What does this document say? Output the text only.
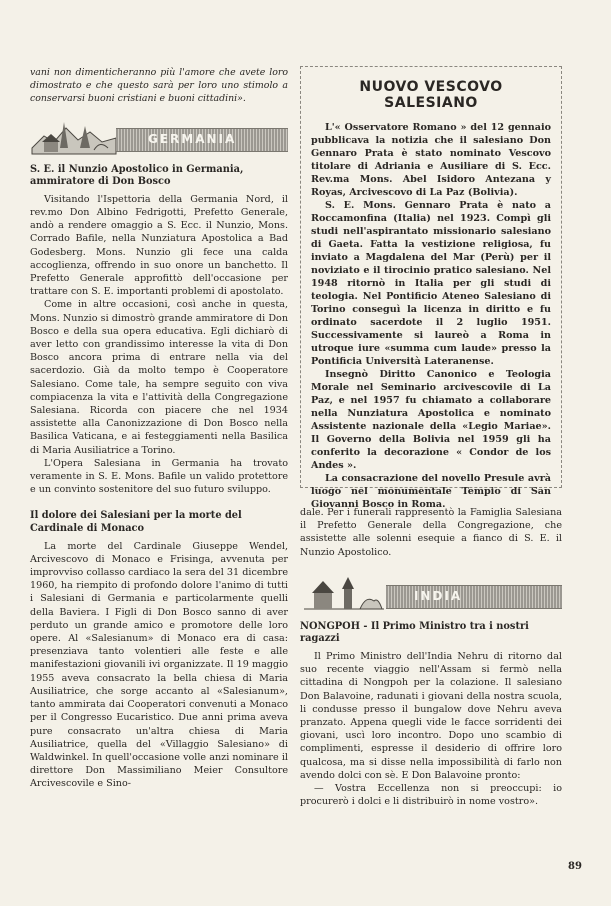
vani non dimenticheranno più l'amore che avete loro dimostrato e che questo sarà per loro uno stimolo a conservarsi buoni cristiani e buoni cittadini».

GERMANIA
S. E. il Nunzio Apostolico in Germania, ammiratore di Don Bosco

Visitando l'Ispettoria della Germania Nord, il rev.mo Don Albino Fedrigotti, Prefetto Generale, andò a rendere omaggio a S. Ecc. il Nunzio, Mons. Corrado Bafile, nella Nunziatura Apostolica a Bad Godesberg. Mons. Nunzio gli fece una calda accoglienza, offrendo in suo onore un banchetto. Il Prefetto Generale approfittò dell'occasione per trattare con S. E. importanti problemi di apostolato.

Come in altre occasioni, così anche in questa, Mons. Nunzio si dimostrò grande ammiratore di Don Bosco e della sua opera educativa. Egli dichiarò di aver letto con grandissimo interesse la vita di Don Bosco ancora prima di entrare nella via del sacerdozio. Già da molto tempo è Cooperatore Salesiano. Come tale, ha sempre seguito con viva compiacenza la vita e l'attività della Congregazione Salesiana. Ricorda con piacere che nel 1934 assistette alla Canonizzazione di Don Bosco nella Basilica Vaticana, e ai festeggiamenti nella Basilica di Maria Ausiliatrice a Torino.

L'Opera Salesiana in Germania ha trovato veramente in S. E. Mons. Bafile un valido protettore e un convinto sostenitore del suo futuro sviluppo.

Il dolore dei Salesiani per la morte del Cardinale di Monaco

La morte del Cardinale Giuseppe Wendel, Arcivescovo di Monaco e Frisinga, avvenuta per improvviso collasso cardiaco la sera del 31 dicembre 1960, ha riempito di profondo dolore l'animo di tutti i Salesiani di Germania e particolarmente quelli della Baviera. I Figli di Don Bosco sanno di aver perduto un grande amico e promotore delle loro opere. Al «Salesianum» di Monaco era di casa: presenziava tanto volentieri alle feste e alle manifestazioni giovanili ivi organizzate. Il 19 maggio 1955 aveva consacrato la bella chiesa di Maria Ausiliatrice, che sorge accanto al «Salesianum», tanto ammirata dai Cooperatori convenuti a Monaco per il Congresso Eucaristico. Due anni prima aveva pure consacrato un'altra chiesa di Maria Ausiliatrice, quella del «Villaggio Salesiano» di Waldwinkel. In quell'occasione volle anzi nominare il direttore Don Massimiliano Meier Consultore Arcivescovile e Sino-

NUOVO VESCOVO SALESIANO

L'« Osservatore Romano » del 12 gennaio pubblicava la notizia che il salesiano Don Gennaro Prata è stato nominato Vescovo titolare di Adriania e Ausiliare di S. Ecc. Rev.ma Mons. Abel Isidoro Antezana y Royas, Arcivescovo di La Paz (Bolivia).

S. E. Mons. Gennaro Prata è nato a Roccamonfina (Italia) nel 1923. Compì gli studi nell'aspirantato missionario salesiano di Gaeta. Fatta la vestizione religiosa, fu inviato a Magdalena del Mar (Perù) per il noviziato e il tirocinio pratico salesiano. Nel 1948 ritornò in Italia per gli studi di teologia. Nel Pontificio Ateneo Salesiano di Torino conseguì la licenza in diritto e fu ordinato sacerdote il 2 luglio 1951. Successivamente si laureò a Roma in utroque iure «summa cum laude» presso la Pontificia Università Lateranense.

Insegnò Diritto Canonico e Teologia Morale nel Seminario arcivescovile di La Paz, e nel 1957 fu chiamato a collaborare nella Nunziatura Apostolica e nominato Assistente nazionale della «Legio Mariae». Il Governo della Bolivia nel 1959 gli ha conferito la decorazione « Condor de los Andes ».

La consacrazione del novello Presule avrà luogo nel monumentale Tempio di San Giovanni Bosco in Roma.

dale. Per i funerali rappresentò la Famiglia Salesiana il Prefetto Generale della Congregazione, che assistette alle solenni esequie a fianco di S. E. il Nunzio Apostolico.

INDIA
NONGPOH - Il Primo Ministro tra i nostri ragazzi

Il Primo Ministro dell'India Nehru di ritorno dal suo recente viaggio nell'Assam si fermò nella cittadina di Nongpoh per la colazione. Il salesiano Don Balavoine, radunati i giovani della nostra scuola, li condusse presso il bungalow dove Nehru aveva pranzato. Appena quegli vide le facce sorridenti dei giovani, uscì loro incontro. Dopo uno scambio di complimenti, espresse il desiderio di offrire loro qualcosa, ma si disse nella impossibilità di farlo non avendo dolci con sè. E Don Balavoine pronto:

— Vostra Eccellenza non si preoccupi: io procurerò i dolci e li distribuirò in nome vostro».

89
